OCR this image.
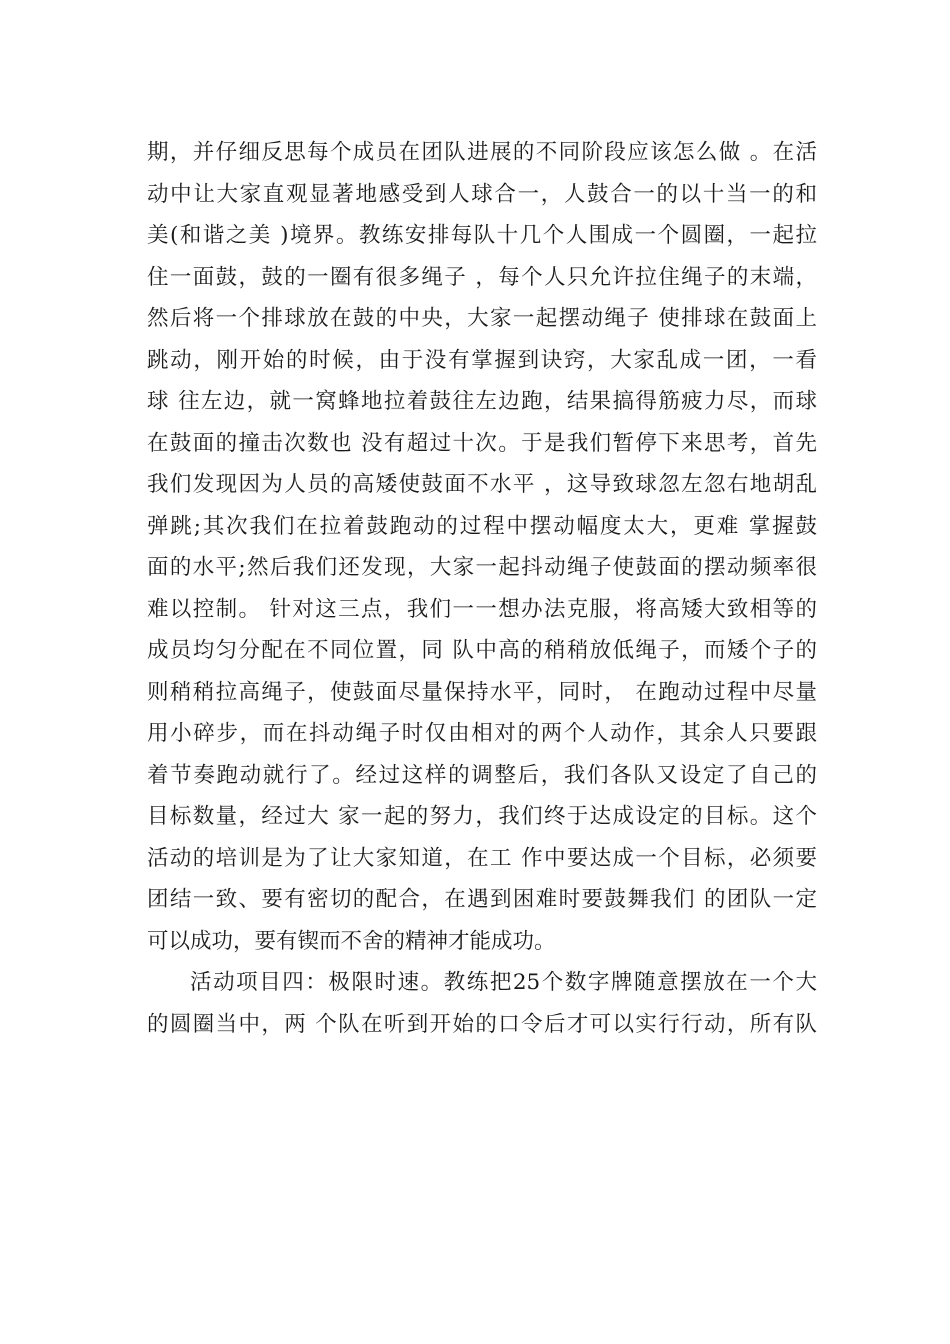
期，并仔细反思每个成员在团队进展的不同阶段应该怎么做 。在活
动中让大家直观显著地感受到人球合一，人鼓合一的以十当一的和
美(和谐之美 )境界。教练安排每队十几个人围成一个圆圈，一起拉
住一面鼓，鼓的一圈有很多绳子 ，每个人只允许拉住绳子的末端，
然后将一个排球放在鼓的中央，大家一起摆动绳子 使排球在鼓面上
跳动，刚开始的时候，由于没有掌握到诀窍，大家乱成一团，一看
球 往左边，就一窝蜂地拉着鼓往左边跑，结果搞得筋疲力尽，而球
在鼓面的撞击次数也 没有超过十次。于是我们暂停下来思考，首先
我们发现因为人员的高矮使鼓面不水平 ，这导致球忽左忽右地胡乱
弹跳;其次我们在拉着鼓跑动的过程中摆动幅度太大，更难 掌握鼓
面的水平;然后我们还发现，大家一起抖动绳子使鼓面的摆动频率很
难以控制。 针对这三点，我们一一想办法克服，将高矮大致相等的
成员均匀分配在不同位置，同 队中高的稍稍放低绳子，而矮个子的
则稍稍拉高绳子，使鼓面尽量保持水平，同时， 在跑动过程中尽量
用小碎步，而在抖动绳子时仅由相对的两个人动作，其余人只要跟
着节奏跑动就行了。经过这样的调整后，我们各队又设定了自己的
目标数量，经过大 家一起的努力，我们终于达成设定的目标。这个
活动的培训是为了让大家知道，在工 作中要达成一个目标，必须要
团结一致、要有密切的配合，在遇到困难时要鼓舞我们 的团队一定
可以成功，要有锲而不舍的精神才能成功。
活动项目四：极限时速。教练把25个数字牌随意摆放在一个大
的圆圈当中，两 个队在听到开始的口令后才可以实行行动，所有队
